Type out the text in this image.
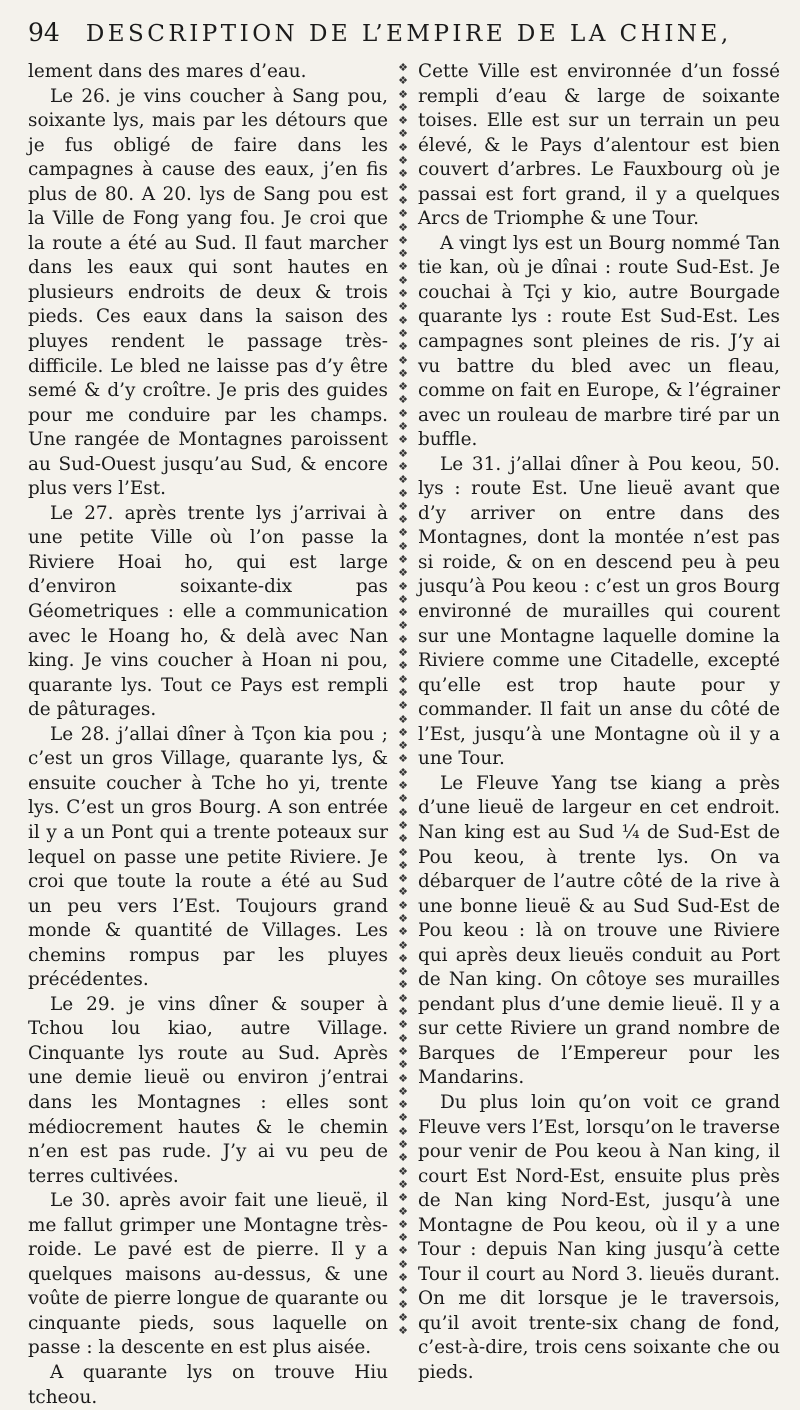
94 DESCRIPTION DE L’EMPIRE DE LA CHINE,

lement dans des mares d’eau.

Le 26. je vins coucher à Sang pou, soixante lys, mais par les détours que je fus obligé de faire dans les campagnes à cause des eaux, j’en fis plus de 80. A 20. lys de Sang pou est la Ville de Fong yang fou. Je croi que la route a été au Sud. Il faut marcher dans les eaux qui sont hautes en plusieurs endroits de deux & trois pieds. Ces eaux dans la saison des pluyes rendent le passage très-difficile. Le bled ne laisse pas d’y être semé & d’y croître. Je pris des guides pour me conduire par les champs. Une rangée de Montagnes paroissent au Sud-Ouest jusqu’au Sud, & encore plus vers l’Est.

Le 27. après trente lys j’arrivai à une petite Ville où l’on passe la Riviere Hoai ho, qui est large d’environ soixante-dix pas Géometriques : elle a communication avec le Hoang ho, & delà avec Nan king. Je vins coucher à Hoan ni pou, quarante lys. Tout ce Pays est rempli de pâturages.

Le 28. j’allai dîner à Tçon kia pou ; c’est un gros Village, quarante lys, & ensuite coucher à Tche ho yi, trente lys. C’est un gros Bourg. A son entrée il y a un Pont qui a trente poteaux sur lequel on passe une petite Riviere. Je croi que toute la route a été au Sud un peu vers l’Est. Toujours grand monde & quantité de Villages. Les chemins rompus par les pluyes précédentes.

Le 29. je vins dîner & souper à Tchou lou kiao, autre Village. Cinquante lys route au Sud. Après une demie lieuë ou environ j’entrai dans les Montagnes : elles sont médiocrement hautes & le chemin n’en est pas rude. J’y ai vu peu de terres cultivées.

Le 30. après avoir fait une lieuë, il me fallut grimper une Montagne très-roide. Le pavé est de pierre. Il y a quelques maisons au-dessus, & une voûte de pierre longue de quarante ou cinquante pieds, sous laquelle on passe : la descente en est plus aisée.

A quarante lys on trouve Hiu tcheou.

❖
❖
❖
❖
❖
❖
❖
❖
❖
❖
❖
❖
❖
❖
❖
❖
❖
❖
❖
❖
❖
❖
❖
❖
❖
❖
❖
❖
❖
❖
❖
❖
❖
❖
❖
❖
❖
❖
❖
❖
❖
❖
❖
❖
❖
❖
❖
❖
❖
❖
❖
❖
❖
❖
❖
❖
❖
❖
❖
❖
❖
❖
❖
❖
❖
❖
❖
❖
❖
❖
❖
❖
❖
❖
❖
❖
❖
❖
❖
❖
❖
❖
❖
❖
❖
❖
❖
❖
❖
❖
❖
❖
❖
❖
❖
❖

Cette Ville est environnée d’un fossé rempli d’eau & large de soixante toises. Elle est sur un terrain un peu élevé, & le Pays d’alentour est bien couvert d’arbres. Le Fauxbourg où je passai est fort grand, il y a quelques Arcs de Triomphe & une Tour.

A vingt lys est un Bourg nommé Tan tie kan, où je dînai : route Sud-Est. Je couchai à Tçi y kio, autre Bourgade quarante lys : route Est Sud-Est. Les campagnes sont pleines de ris. J’y ai vu battre du bled avec un fleau, comme on fait en Europe, & l’égrainer avec un rouleau de marbre tiré par un buffle.

Le 31. j’allai dîner à Pou keou, 50. lys : route Est. Une lieuë avant que d’y arriver on entre dans des Montagnes, dont la montée n’est pas si roide, & on en descend peu à peu jusqu’à Pou keou : c’est un gros Bourg environné de murailles qui courent sur une Montagne laquelle domine la Riviere comme une Citadelle, excepté qu’elle est trop haute pour y commander. Il fait un anse du côté de l’Est, jusqu’à une Montagne où il y a une Tour.

Le Fleuve Yang tse kiang a près d’une lieuë de largeur en cet endroit. Nan king est au Sud ¼ de Sud-Est de Pou keou, à trente lys. On va débarquer de l’autre côté de la rive à une bonne lieuë & au Sud Sud-Est de Pou keou : là on trouve une Riviere qui après deux lieuës conduit au Port de Nan king. On côtoye ses murailles pendant plus d’une demie lieuë. Il y a sur cette Riviere un grand nombre de Barques de l’Empereur pour les Mandarins.

Du plus loin qu’on voit ce grand Fleuve vers l’Est, lorsqu’on le traverse pour venir de Pou keou à Nan king, il court Est Nord-Est, ensuite plus près de Nan king Nord-Est, jusqu’à une Montagne de Pou keou, où il y a une Tour : depuis Nan king jusqu’à cette Tour il court au Nord 3. lieuës durant. On me dit lorsque je le traversois, qu’il avoit trente-six chang de fond, c’est-à-dire, trois cens soixante che ou pieds.
